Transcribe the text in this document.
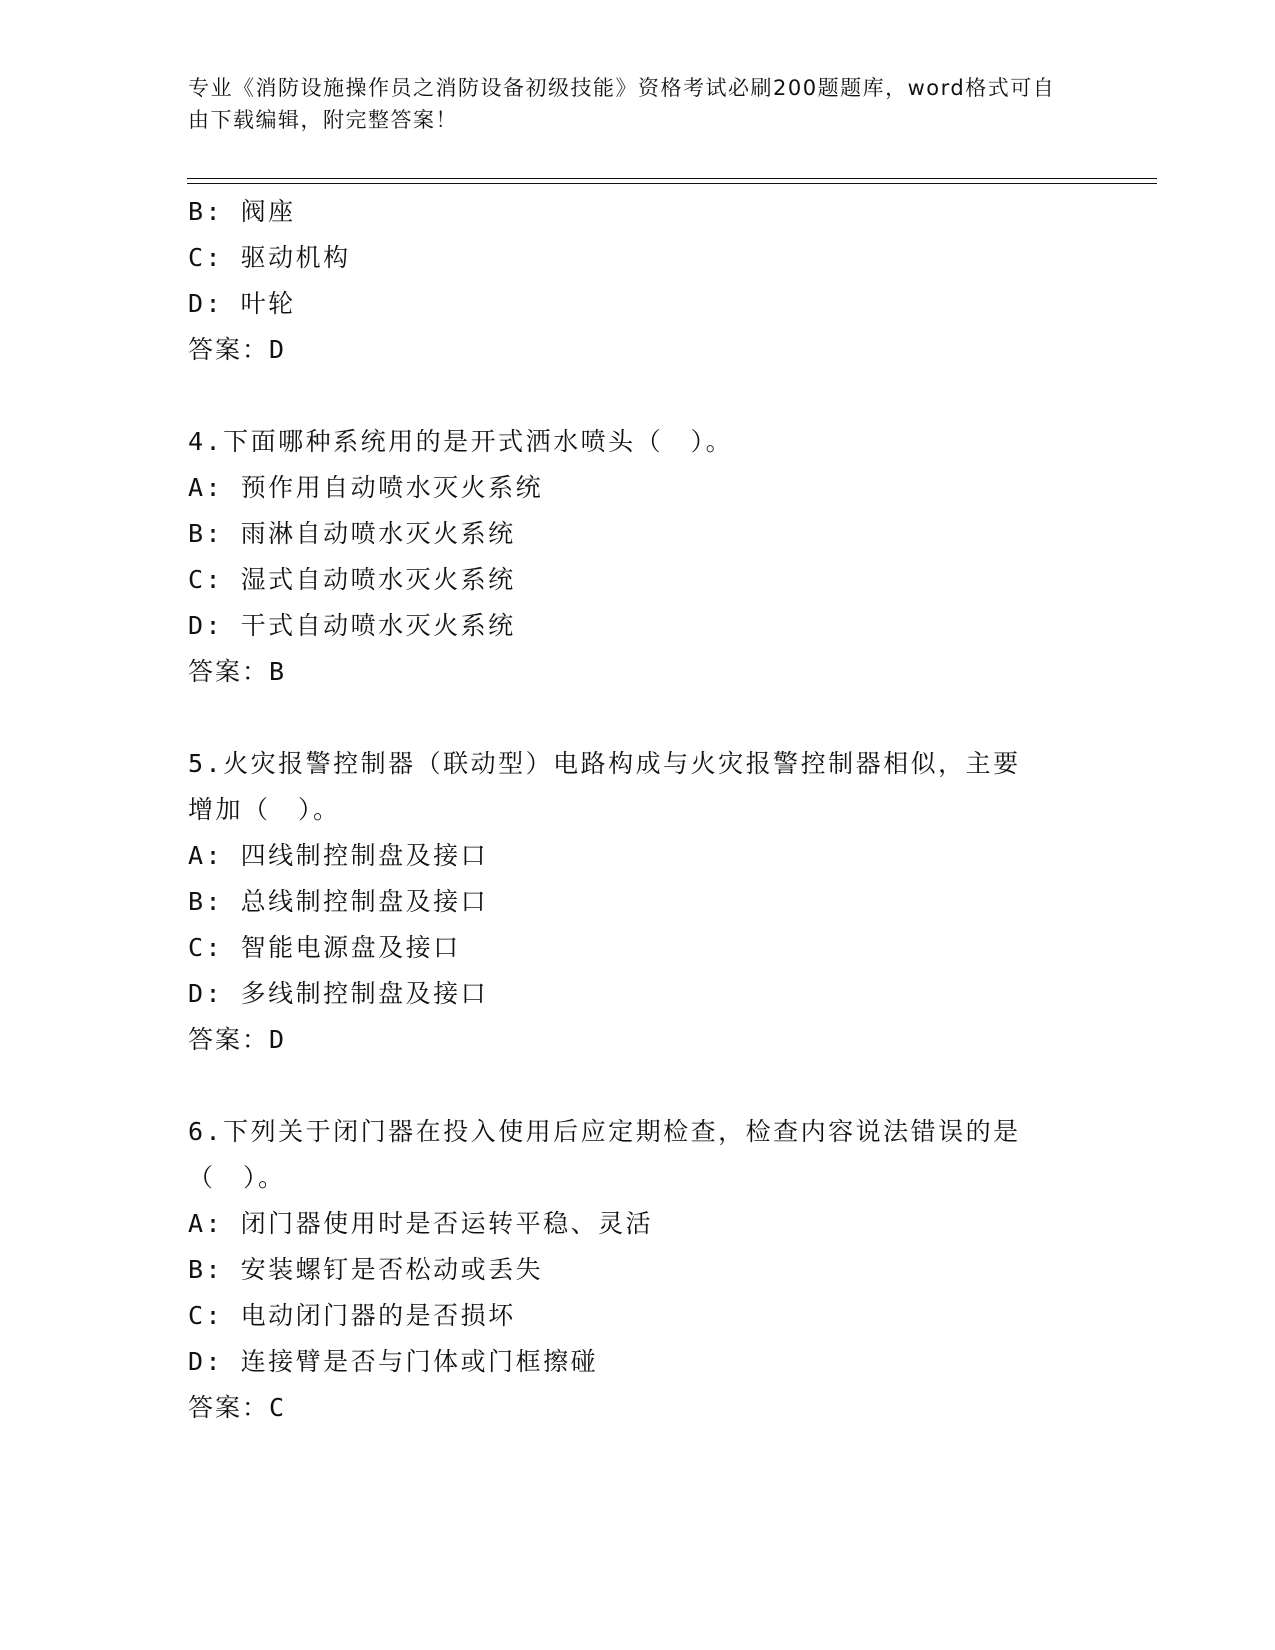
专业《消防设施操作员之消防设备初级技能》资格考试必刷200题题库，word格式可自由下载编辑，附完整答案！
B: 阀座
C: 驱动机构
D: 叶轮
答案：D
4.下面哪种系统用的是开式洒水喷头（　）。
A: 预作用自动喷水灭火系统
B: 雨淋自动喷水灭火系统
C: 湿式自动喷水灭火系统
D: 干式自动喷水灭火系统
答案：B
5.火灾报警控制器（联动型）电路构成与火灾报警控制器相似，主要
增加（　）。
A: 四线制控制盘及接口
B: 总线制控制盘及接口
C: 智能电源盘及接口
D: 多线制控制盘及接口
答案：D
6.下列关于闭门器在投入使用后应定期检查，检查内容说法错误的是
（　）。
A: 闭门器使用时是否运转平稳、灵活
B: 安装螺钉是否松动或丢失
C: 电动闭门器的是否损坏
D: 连接臂是否与门体或门框擦碰
答案：C
